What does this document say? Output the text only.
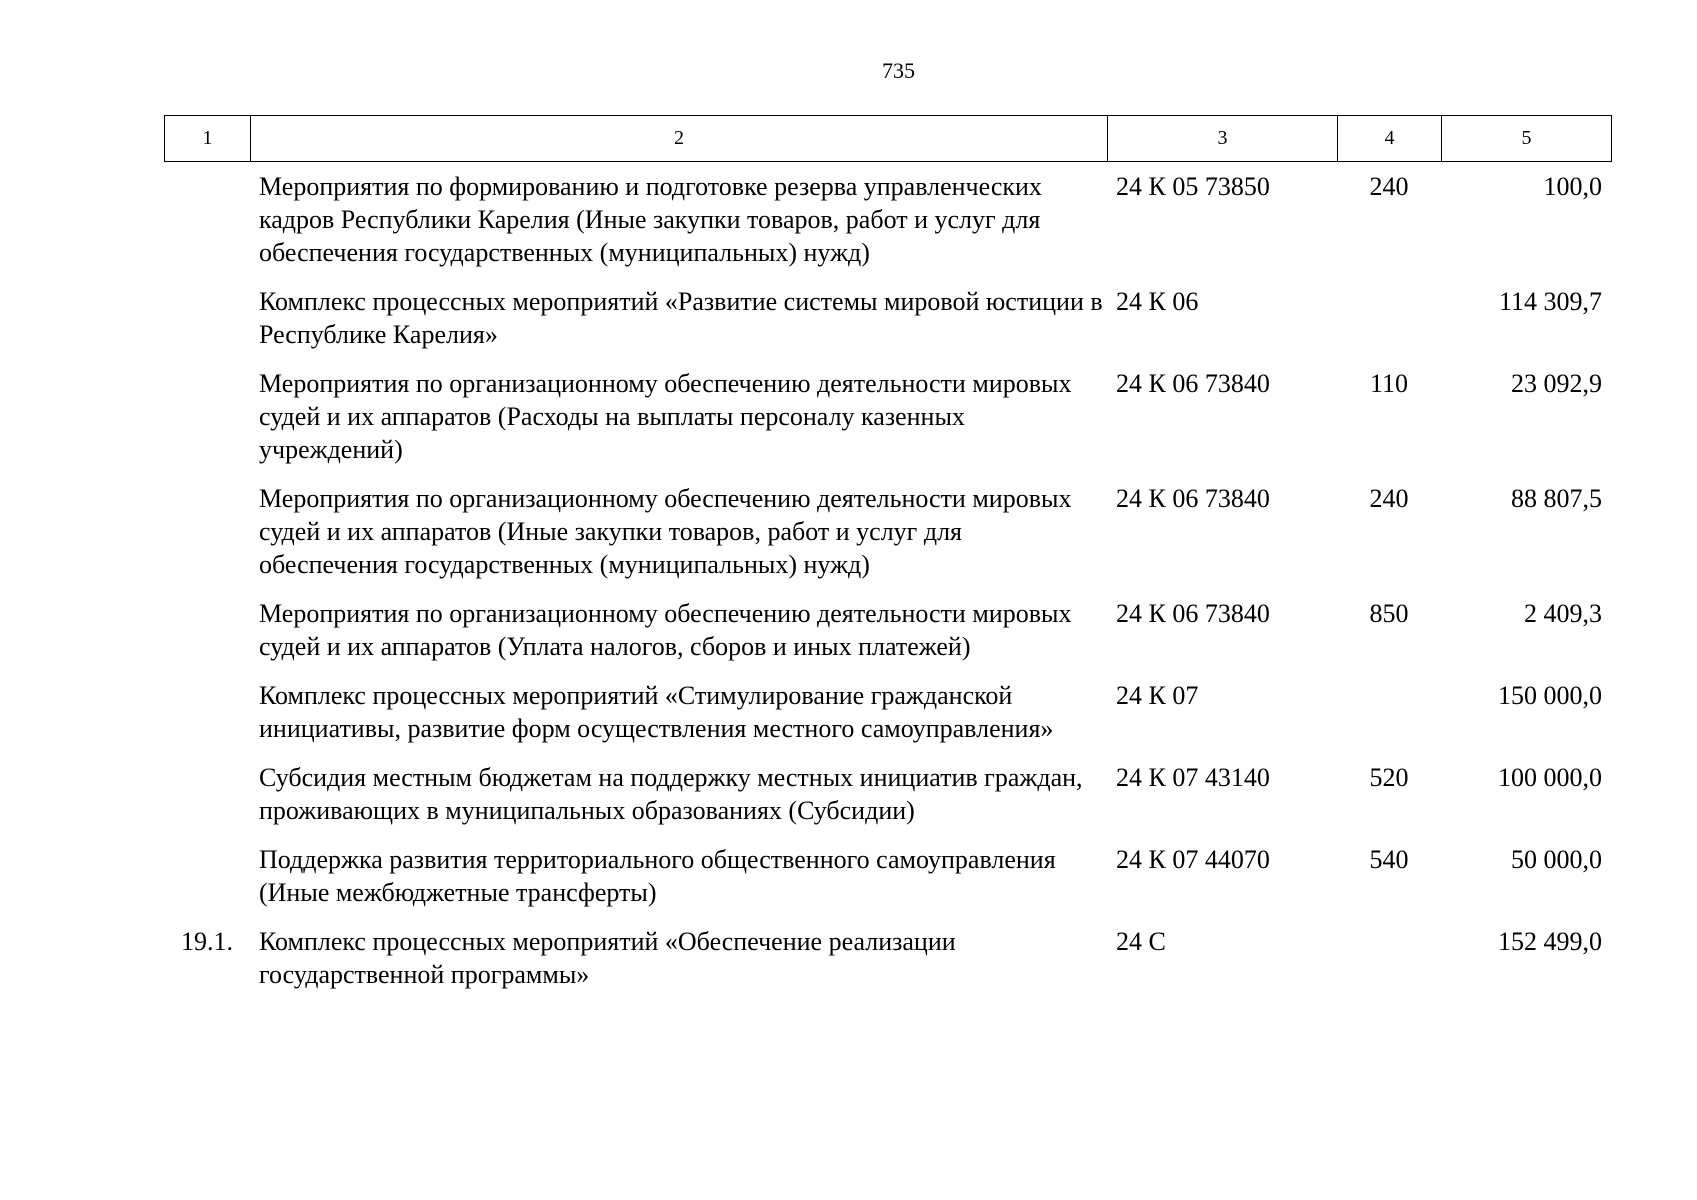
735
1	2	3	4	5
	Мероприятия по формированию и подготовке резерва управленческих кадров Республики Карелия (Иные закупки товаров, работ и услуг для обеспечения государственных (муниципальных) нужд)	24 К 05 73850	240	100,0
	Комплекс процессных мероприятий «Развитие системы мировой юстиции в Республике Карелия»	24 К 06		114 309,7
	Мероприятия по организационному обеспечению деятельности мировых судей и их аппаратов (Расходы на выплаты персоналу казенных учреждений)	24 К 06 73840	110	23 092,9
	Мероприятия по организационному обеспечению деятельности мировых судей и их аппаратов (Иные закупки товаров, работ и услуг для обеспечения государственных (муниципальных) нужд)	24 К 06 73840	240	88 807,5
	Мероприятия по организационному обеспечению деятельности мировых судей и их аппаратов (Уплата налогов, сборов и иных платежей)	24 К 06 73840	850	2 409,3
	Комплекс процессных мероприятий «Стимулирование гражданской инициативы, развитие форм осуществления местного самоуправления»	24 К 07		150 000,0
	Субсидия местным бюджетам на поддержку местных инициатив граждан, проживающих в муниципальных образованиях (Субсидии)	24 К 07 43140	520	100 000,0
	Поддержка развития территориального общественного самоуправления (Иные межбюджетные трансферты)	24 К 07 44070	540	50 000,0
19.1.	Комплекс процессных мероприятий «Обеспечение реализации государственной программы»	24 С		152 499,0
